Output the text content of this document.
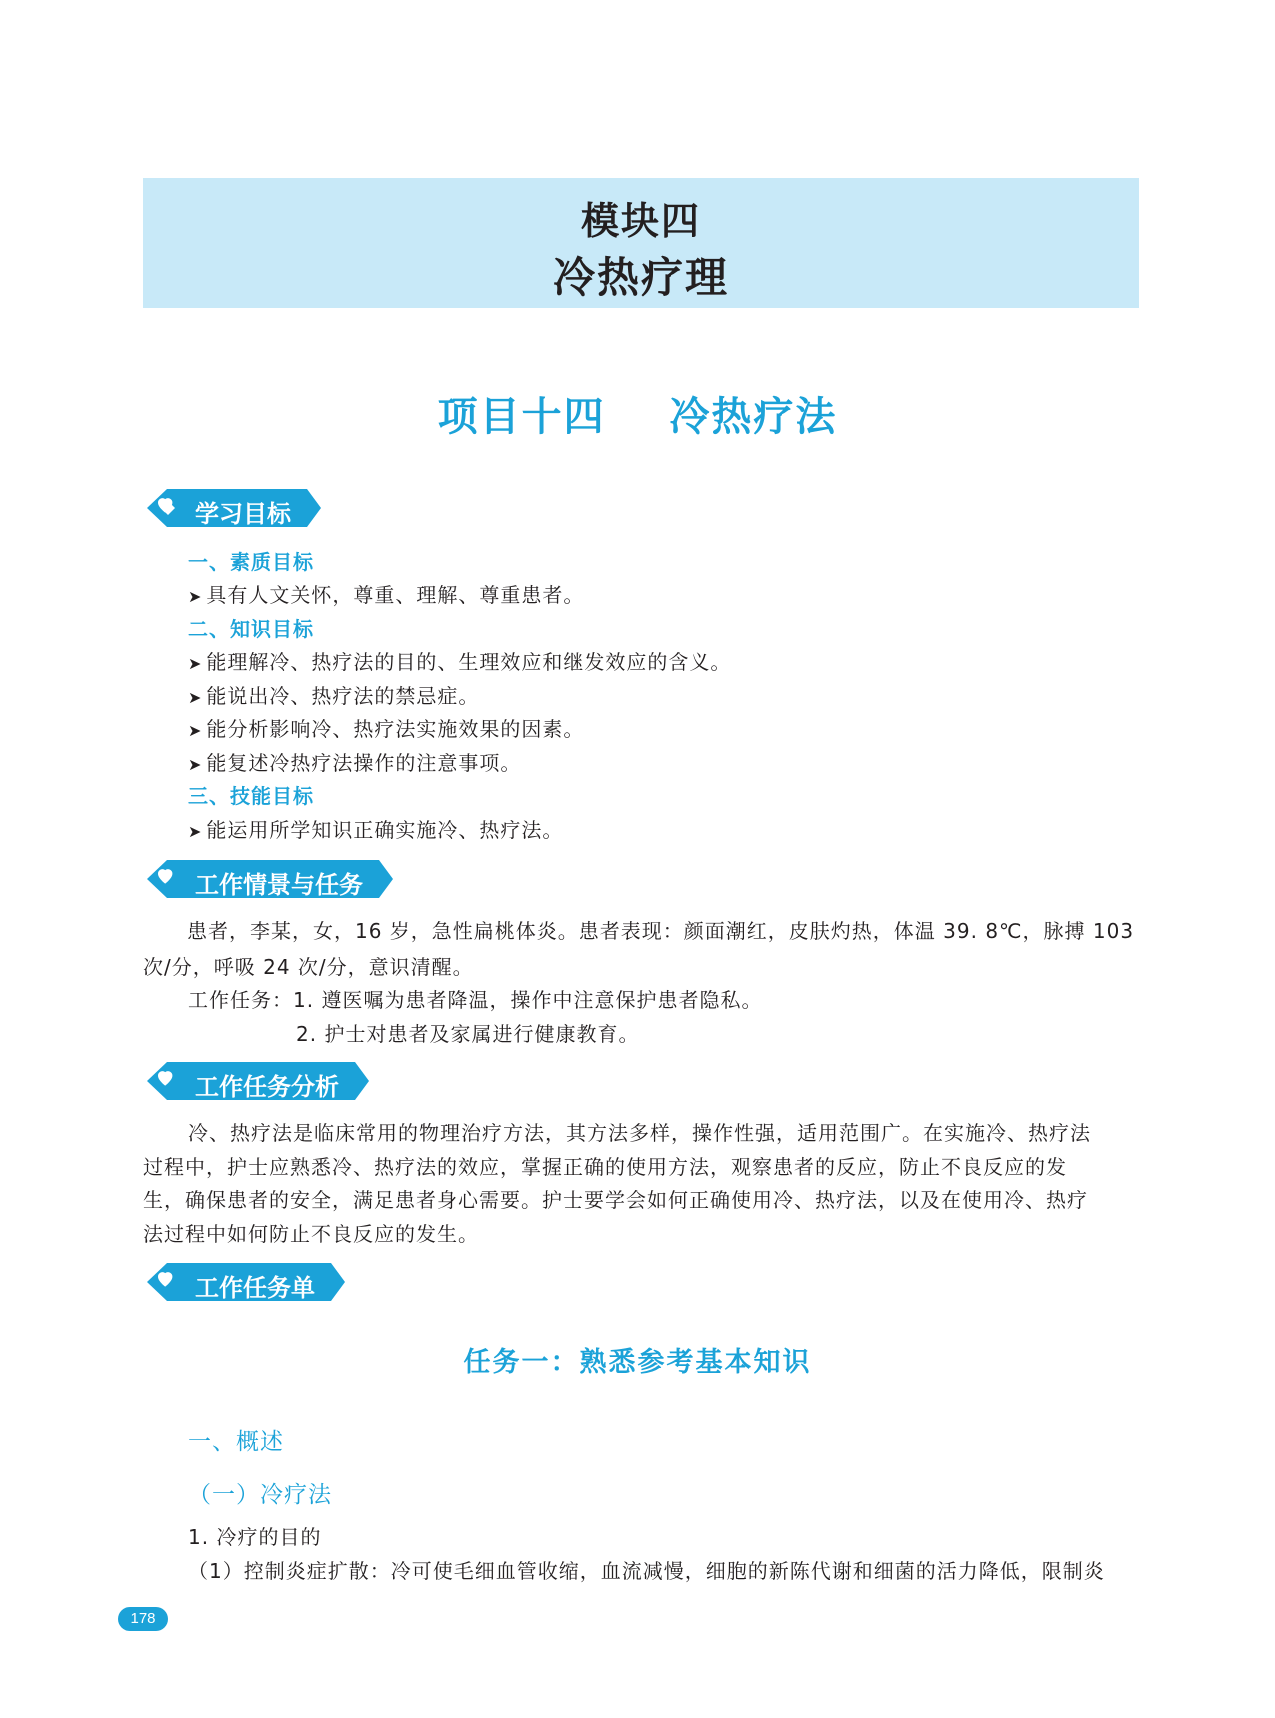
模块四
冷热疗理
项目十四    冷热疗法
学习目标
一、素质目标
➤ 具有人文关怀，尊重、理解、尊重患者。
二、知识目标
➤ 能理解冷、热疗法的目的、生理效应和继发效应的含义。
➤ 能说出冷、热疗法的禁忌症。
➤ 能分析影响冷、热疗法实施效果的因素。
➤ 能复述冷热疗法操作的注意事项。
三、技能目标
➤ 能运用所学知识正确实施冷、热疗法。
工作情景与任务
患者，李某，女，16 岁，急性扁桃体炎。患者表现：颜面潮红，皮肤灼热，体温 39. 8℃，脉搏 103
次/分，呼吸 24 次/分，意识清醒。
工作任务：1. 遵医嘱为患者降温，操作中注意保护患者隐私。
2. 护士对患者及家属进行健康教育。
工作任务分析
冷、热疗法是临床常用的物理治疗方法，其方法多样，操作性强，适用范围广。在实施冷、热疗法
过程中，护士应熟悉冷、热疗法的效应，掌握正确的使用方法，观察患者的反应，防止不良反应的发
生，确保患者的安全，满足患者身心需要。护士要学会如何正确使用冷、热疗法，以及在使用冷、热疗
法过程中如何防止不良反应的发生。
工作任务单
任务一：熟悉参考基本知识
一、概述
（一）冷疗法
1. 冷疗的目的
（1）控制炎症扩散：冷可使毛细血管收缩，血流减慢，细胞的新陈代谢和细菌的活力降低，限制炎
178
